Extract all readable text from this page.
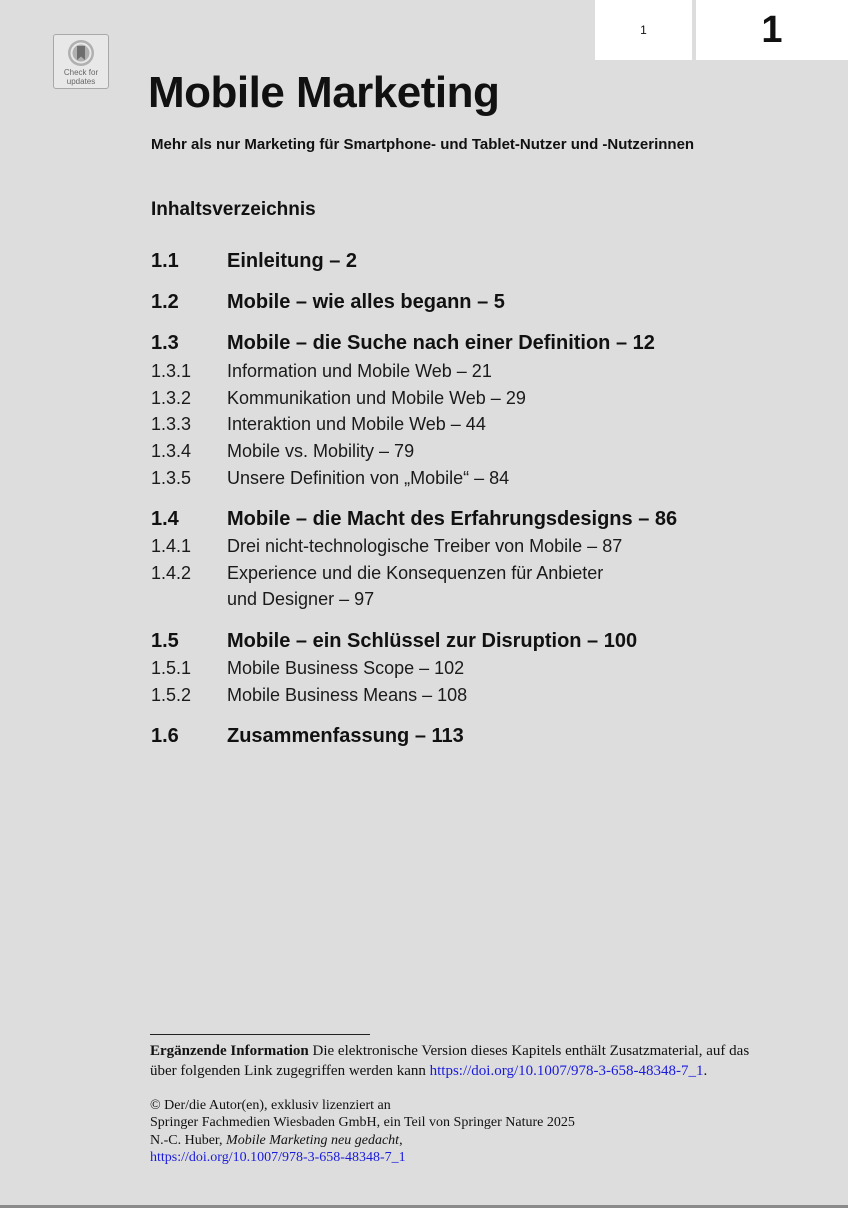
1	1
Check for
updates Mobile Marketing
Mehr als nur Marketing für Smartphone- und Tablet-Nutzer und -Nutzerinnen
Inhaltsverzeichnis
1.1 Einleitung – 2
1.2 Mobile – wie alles begann – 5
1.3 Mobile – die Suche nach einer Definition – 12
1.3.1 Information und Mobile Web – 21
1.3.2 Kommunikation und Mobile Web – 29
1.3.3 Interaktion und Mobile Web – 44
1.3.4 Mobile vs. Mobility – 79
1.3.5 Unsere Definition von „Mobile“ – 84
1.4 Mobile – die Macht des Erfahrungsdesigns – 86
1.4.1 Drei nicht-technologische Treiber von Mobile – 87
1.4.2 Experience und die Konsequenzen für Anbieter
und Designer – 97
1.5 Mobile – ein Schlüssel zur Disruption – 100
1.5.1 Mobile Business Scope – 102
1.5.2 Mobile Business Means – 108
1.6 Zusammenfassung – 113
Ergänzende Information Die elektronische Version dieses Kapitels enthält Zusatzmaterial, auf das
über folgenden Link zugegriffen werden kann https://doi.org/10.1007/978-3-658-48348-7_1.
© Der/die Autor(en), exklusiv lizenziert an
Springer Fachmedien Wiesbaden GmbH, ein Teil von Springer Nature 2025
N.-C. Huber, Mobile Marketing neu gedacht,
https://doi.org/10.1007/978-3-658-48348-7_1
